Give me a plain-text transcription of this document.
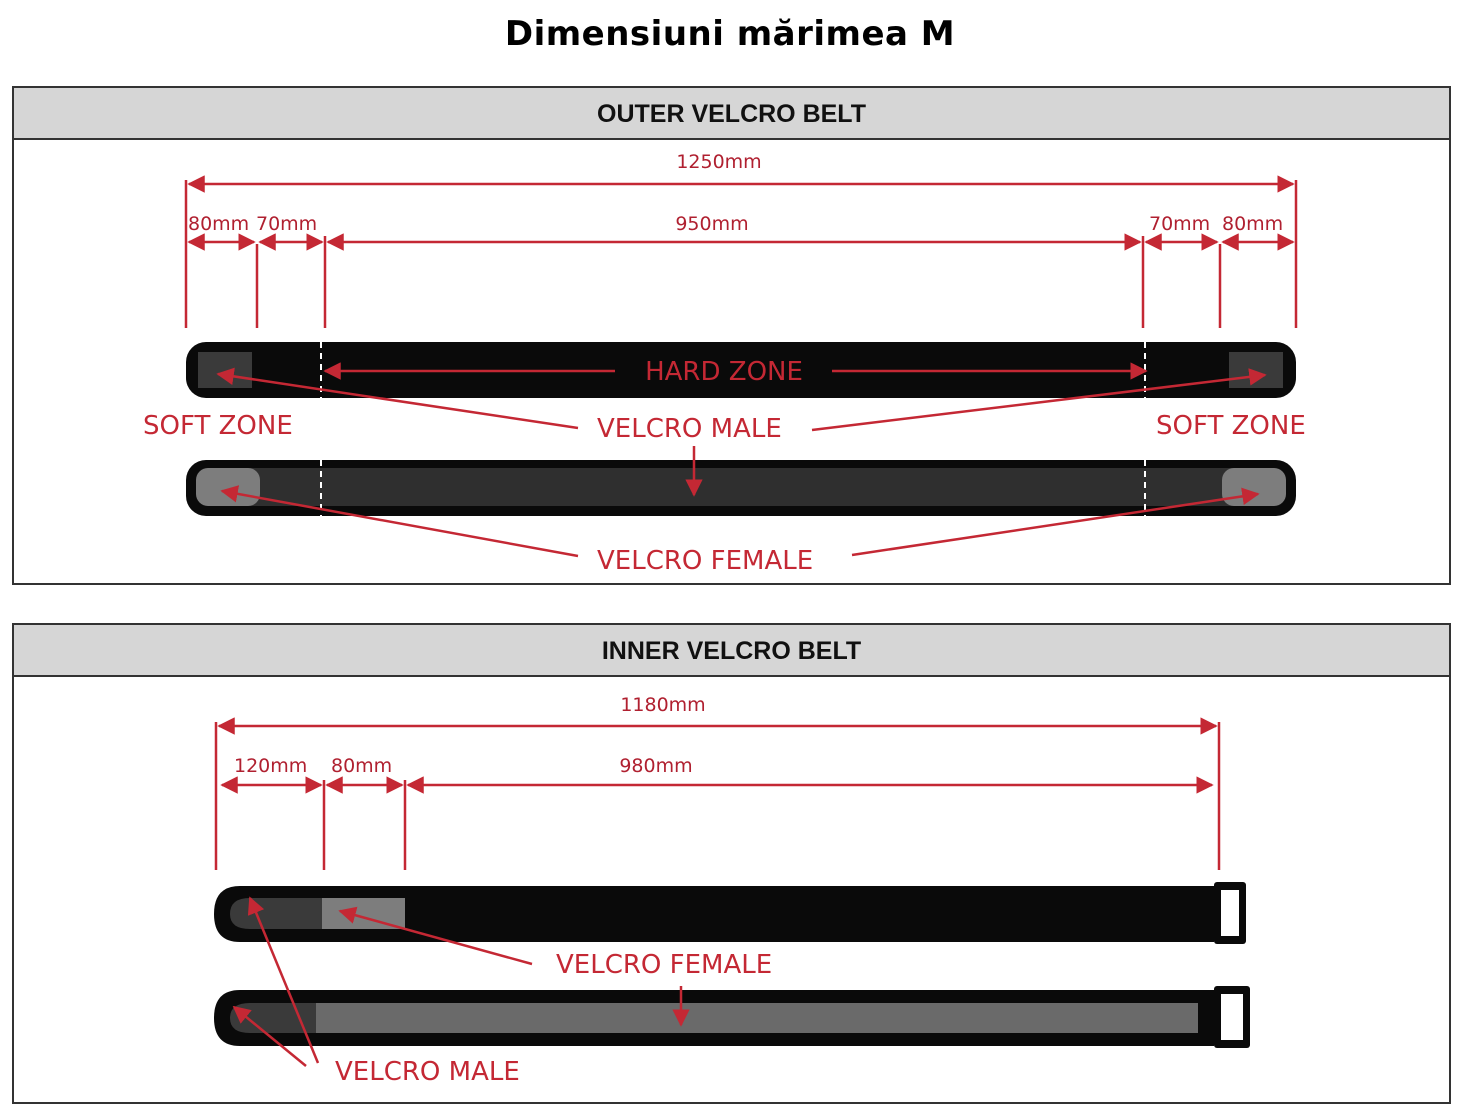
Dimensiuni mărimea M
OUTER VELCRO BELT
INNER VELCRO BELT
1250mm
80mm 70mm	950mm	70mm 80mm
HARD ZONE
SOFT ZONE	SOFT ZONE
VELCRO MALE
VELCRO FEMALE
1180mm
120mm 80mm	980mm
VELCRO FEMALE
VELCRO MALE
